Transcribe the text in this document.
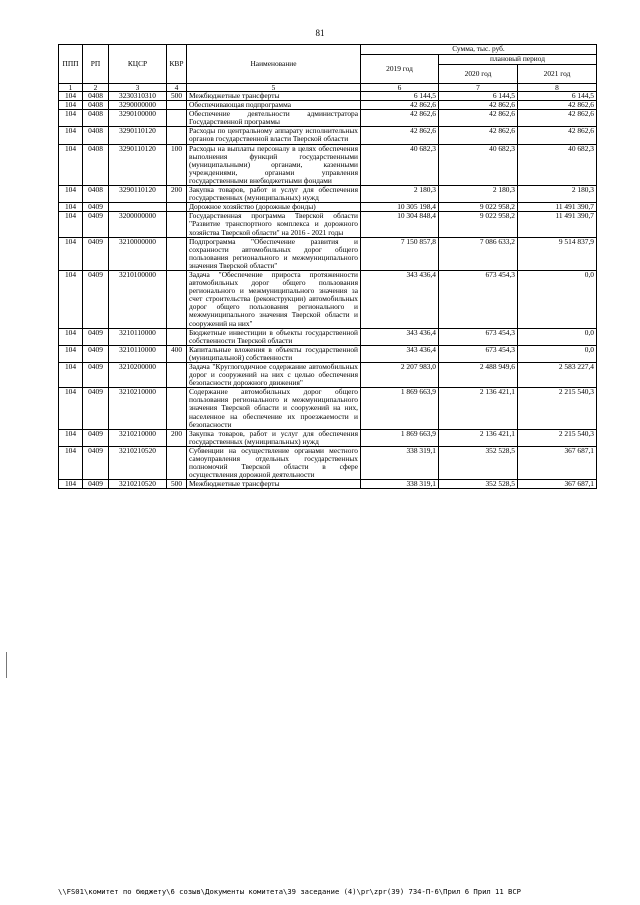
81
ППП	РП	КЦСР	КВР	Наименование	Сумма, тыс. руб.		
					2019 год	плановый период	
						2020 год	2021 год
1	2	3	4	5	6	7	8
104	0408	3230310310	500	Межбюджетные трансферты	6 144,5	6 144,5	6 144,5
104	0408	3290000000		Обеспечивающая подпрограмма	42 862,6	42 862,6	42 862,6
104	0408	3290100000		Обеспечение деятельности администратора Государственной программы	42 862,6	42 862,6	42 862,6
104	0408	3290110120		Расходы по центральному аппарату исполнительных органов государственной власти Тверской области	42 862,6	42 862,6	42 862,6
104	0408	3290110120	100	Расходы на выплаты персоналу в целях обеспечения выполнения функций государственными (муниципальными) органами, казенными учреждениями, органами управления государственными внебюджетными фондами	40 682,3	40 682,3	40 682,3
104	0408	3290110120	200	Закупка товаров, работ и услуг для обеспечения государственных (муниципальных) нужд	2 180,3	2 180,3	2 180,3
104	0409			Дорожное хозяйство (дорожные фонды)	10 305 198,4	9 022 958,2	11 491 390,7
104	0409	3200000000		Государственная программа Тверской области "Развитие транспортного комплекса и дорожного хозяйства Тверской области" на 2016 - 2021 годы	10 304 848,4	9 022 958,2	11 491 390,7
104	0409	3210000000		Подпрограмма "Обеспечение развития и сохранности автомобильных дорог общего пользования регионального и межмуниципального значения Тверской области"	7 150 857,8	7 086 633,2	9 514 837,9
104	0409	3210100000		Задача "Обеспечение прироста протяженности автомобильных дорог общего пользования регионального и межмуниципального значения за счет строительства (реконструкции) автомобильных дорог общего пользования регионального и межмуниципального значения Тверской области и сооружений на них"	343 436,4	673 454,3	0,0
104	0409	3210110000		Бюджетные инвестиции в объекты государственной собственности Тверской области	343 436,4	673 454,3	0,0
104	0409	3210110000	400	Капитальные вложения в объекты государственной (муниципальной) собственности	343 436,4	673 454,3	0,0
104	0409	3210200000		Задача "Круглогодичное содержание автомобильных дорог и сооружений на них с целью обеспечения безопасности дорожного движения"	2 207 983,0	2 488 949,6	2 583 227,4
104	0409	3210210000		Содержание автомобильных дорог общего пользования регионального и межмуниципального значения Тверской области и сооружений на них, населенное на обеспечение их проезжаемости и безопасности	1 869 663,9	2 136 421,1	2 215 540,3
104	0409	3210210000	200	Закупка товаров, работ и услуг для обеспечения государственных (муниципальных) нужд	1 869 663,9	2 136 421,1	2 215 540,3
104	0409	3210210520		Субвенции на осуществление органами местного самоуправления отдельных государственных полномочий Тверской области в сфере осуществления дорожной деятельности	338 319,1	352 528,5	367 687,1
104	0409	3210210520	500	Межбюджетные трансферты	338 319,1	352 528,5	367 687,1
\\FS01\комитет по бюджету\6 созыв\Документы комитета\39 заседание (4)\pr\zpr(39) 734-П-6\Прил 6 Прил 11 ВСР
